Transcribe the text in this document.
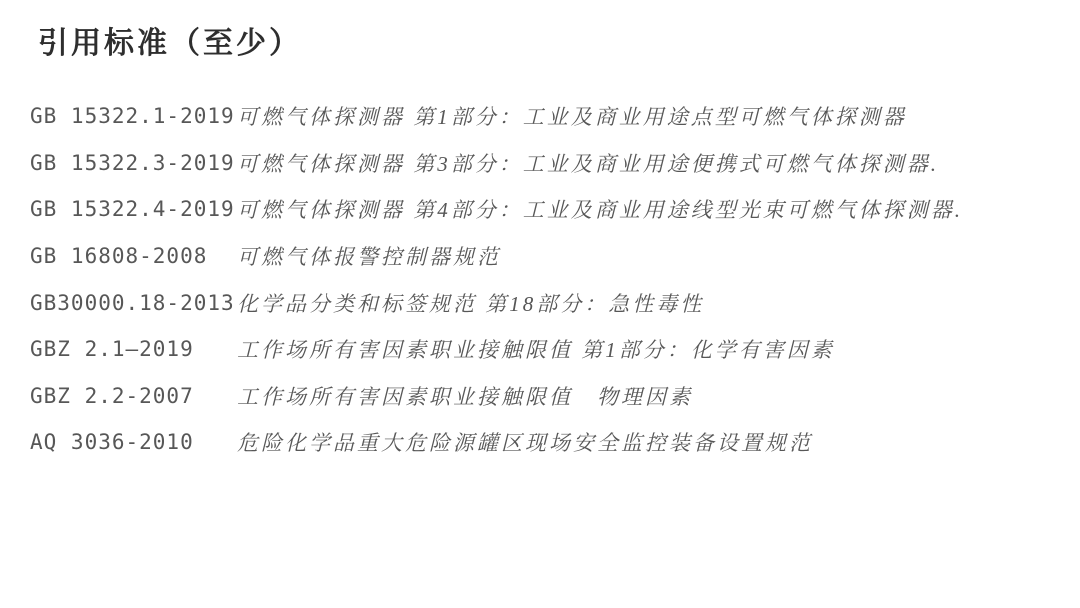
引用标准（至少）
GB 15322.1-2019 可燃气体探测器 第1部分：工业及商业用途点型可燃气体探测器
GB 15322.3-2019 可燃气体探测器 第3部分：工业及商业用途便携式可燃气体探测器.
GB 15322.4-2019 可燃气体探测器 第4部分：工业及商业用途线型光束可燃气体探测器.
GB 16808-2008	可燃气体报警控制器规范
GB30000.18-2013 化学品分类和标签规范 第18部分：急性毒性
GBZ 2.1—2019	工作场所有害因素职业接触限值 第1部分：化学有害因素
GBZ 2.2-2007	工作场所有害因素职业接触限值　物理因素
AQ 3036-2010	危险化学品重大危险源罐区现场安全监控装备设置规范
